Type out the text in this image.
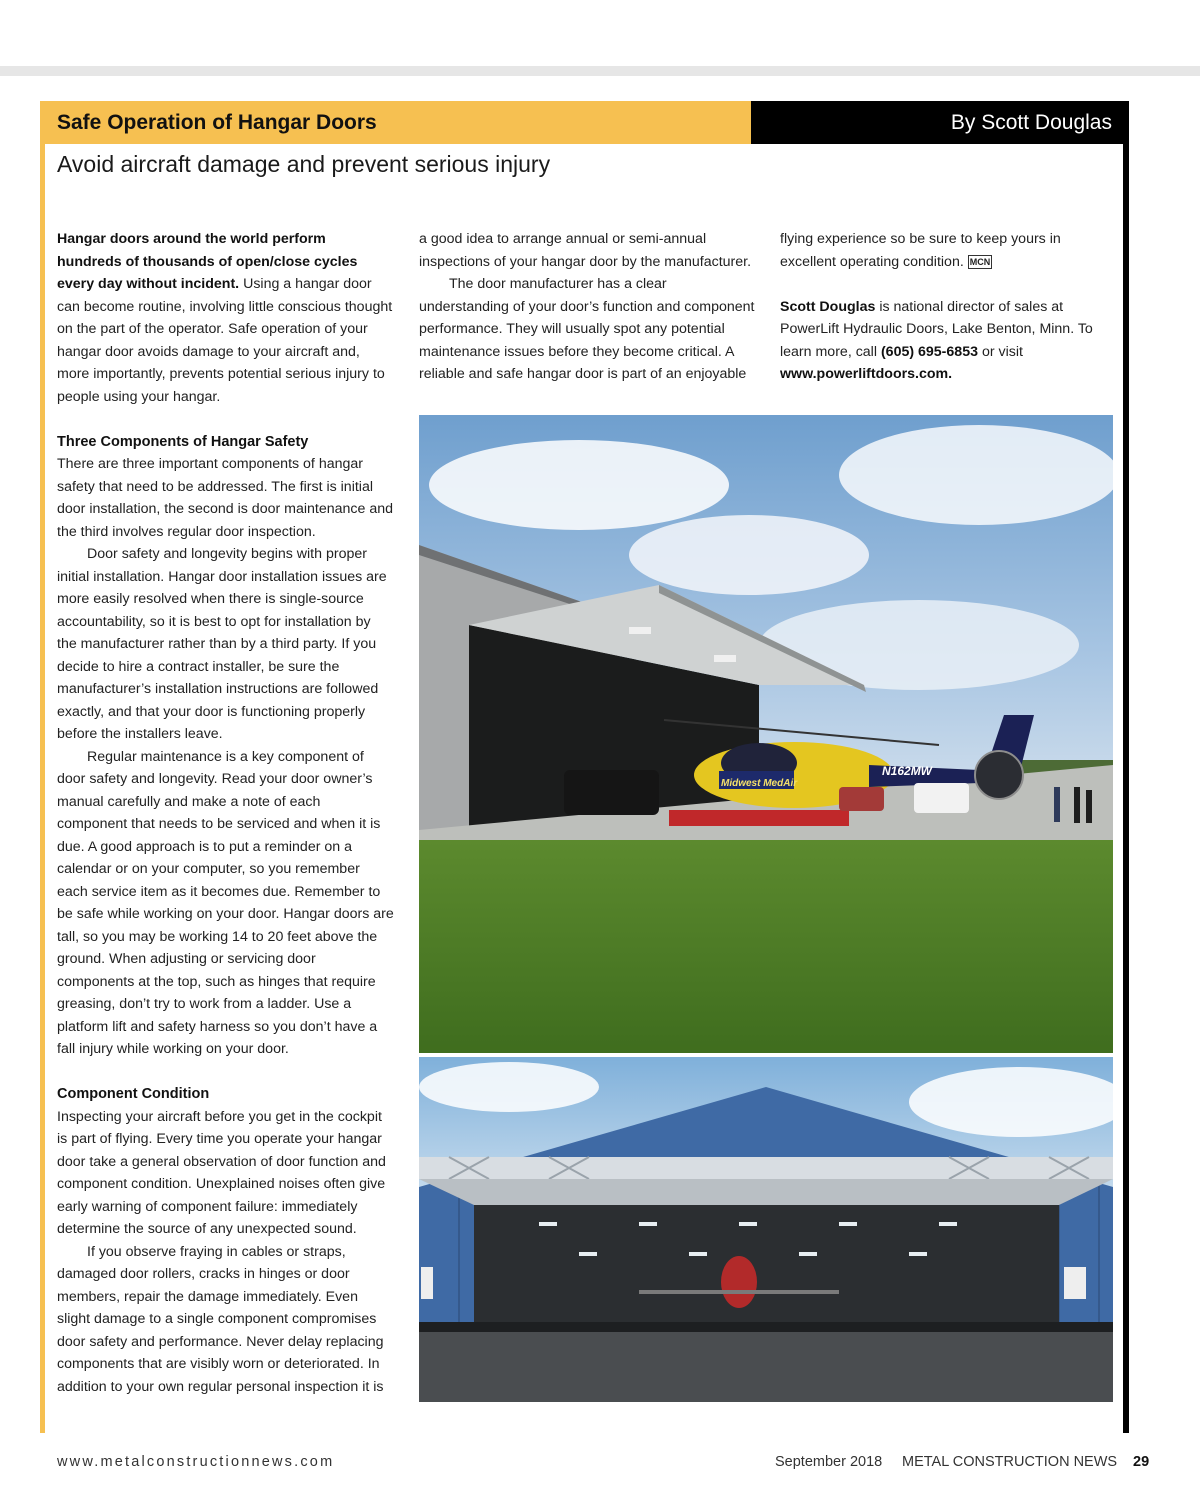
Safe Operation of Hangar Doors	By Scott Douglas
Avoid aircraft damage and prevent serious injury

Hangar doors around the world perform hundreds of thousands of open/close cycles every day without incident. Using a hangar door can become routine, involving little conscious thought on the part of the operator. Safe operation of your hangar door avoids damage to your aircraft and, more importantly, prevents potential serious injury to people using your hangar.

Three Components of Hangar Safety

There are three important components of hangar safety that need to be addressed. The first is initial door installation, the second is door maintenance and the third involves regular door inspection.

Door safety and longevity begins with proper initial installation. Hangar door installation issues are more easily resolved when there is single-source accountability, so it is best to opt for installation by the manufacturer rather than by a third party. If you decide to hire a contract installer, be sure the manufacturer’s installation instructions are followed exactly, and that your door is functioning properly before the installers leave.

Regular maintenance is a key component of door safety and longevity. Read your door owner’s manual carefully and make a note of each component that needs to be serviced and when it is due. A good approach is to put a reminder on a calendar or on your computer, so you remember each service item as it becomes due. Remember to be safe while working on your door. Hangar doors are tall, so you may be working 14 to 20 feet above the ground. When adjusting or servicing door components at the top, such as hinges that require greasing, don’t try to work from a ladder. Use a platform lift and safety harness so you don’t have a fall injury while working on your door.

Component Condition

Inspecting your aircraft before you get in the cockpit is part of flying. Every time you operate your hangar door take a general observation of door function and component condition. Unexplained noises often give early warning of component failure: immediately determine the source of any unexpected sound.

If you observe fraying in cables or straps, damaged door rollers, cracks in hinges or door members, repair the damage immediately. Even slight damage to a single component compromises door safety and performance. Never delay replacing components that are visibly worn or deteriorated. In addition to your own regular personal inspection it is

a good idea to arrange annual or semi-annual inspections of your hangar door by the manufacturer.

The door manufacturer has a clear understanding of your door’s function and component performance. They will usually spot any potential maintenance issues before they become critical. A reliable and safe hangar door is part of an enjoyable

flying experience so be sure to keep yours in excellent operating condition. MCN

Scott Douglas is national director of sales at PowerLift Hydraulic Doors, Lake Benton, Minn. To learn more, call (605) 695-6853 or visit www.powerliftdoors.com.

Midwest MedAir
N162MW
www.metalconstructionnews.com	September 2018 METAL CONSTRUCTION NEWS 29
